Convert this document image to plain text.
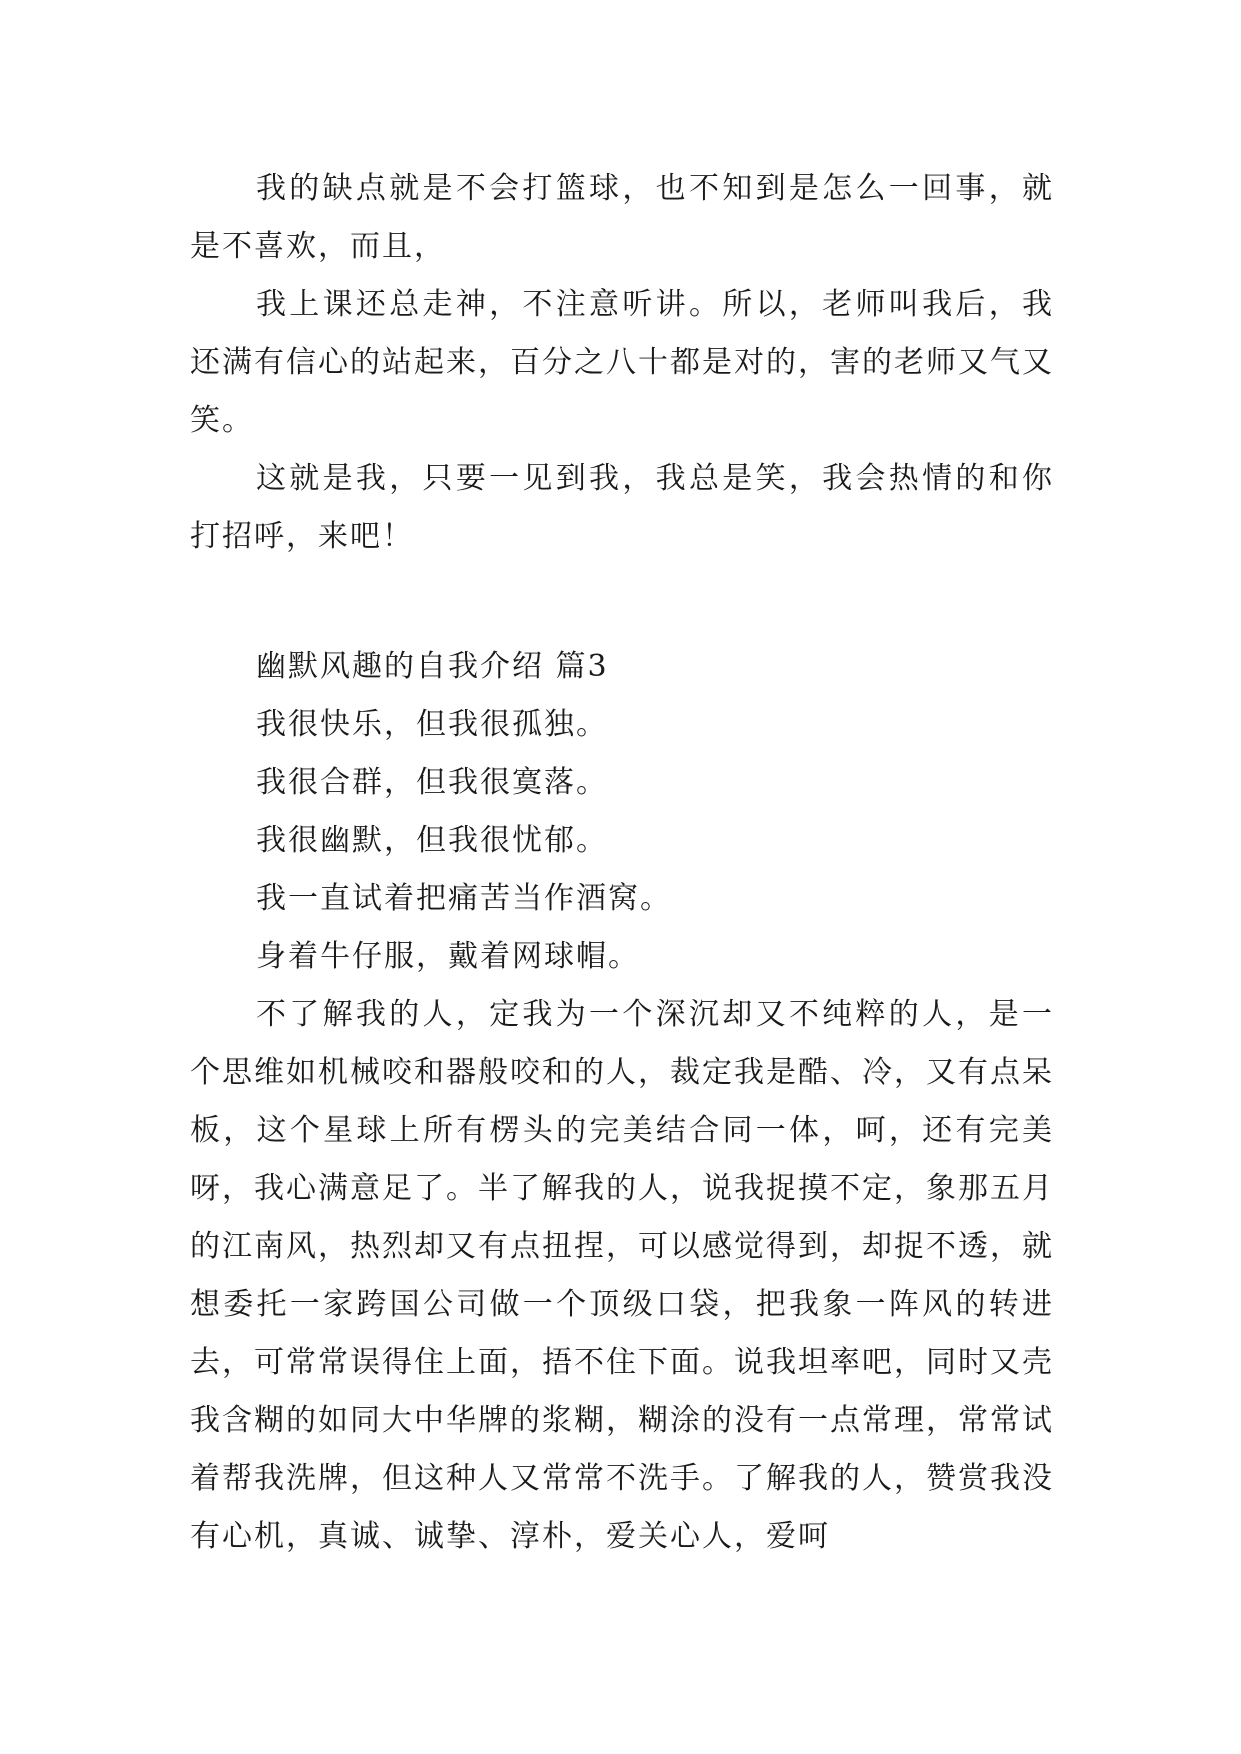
我的缺点就是不会打篮球，也不知到是怎么一回事，就是不喜欢，而且，

我上课还总走神，不注意听讲。所以，老师叫我后，我还满有信心的站起来，百分之八十都是对的，害的老师又气又笑。

这就是我，只要一见到我，我总是笑，我会热情的和你打招呼，来吧！

幽默风趣的自我介绍 篇3

我很快乐，但我很孤独。

我很合群，但我很寞落。

我很幽默，但我很忧郁。

我一直试着把痛苦当作酒窝。

身着牛仔服，戴着网球帽。

不了解我的人，定我为一个深沉却又不纯粹的人，是一个思维如机械咬和器般咬和的人，裁定我是酷、冷，又有点呆板，这个星球上所有楞头的完美结合同一体，呵，还有完美呀，我心满意足了。半了解我的人，说我捉摸不定，象那五月的江南风，热烈却又有点扭捏，可以感觉得到，却捉不透，就想委托一家跨国公司做一个顶级口袋，把我象一阵风的转进去，可常常误得住上面，捂不住下面。说我坦率吧，同时又壳我含糊的如同大中华牌的浆糊，糊涂的没有一点常理，常常试着帮我洗牌，但这种人又常常不洗手。了解我的人，赞赏我没有心机，真诚、诚挚、淳朴，爱关心人，爱呵
